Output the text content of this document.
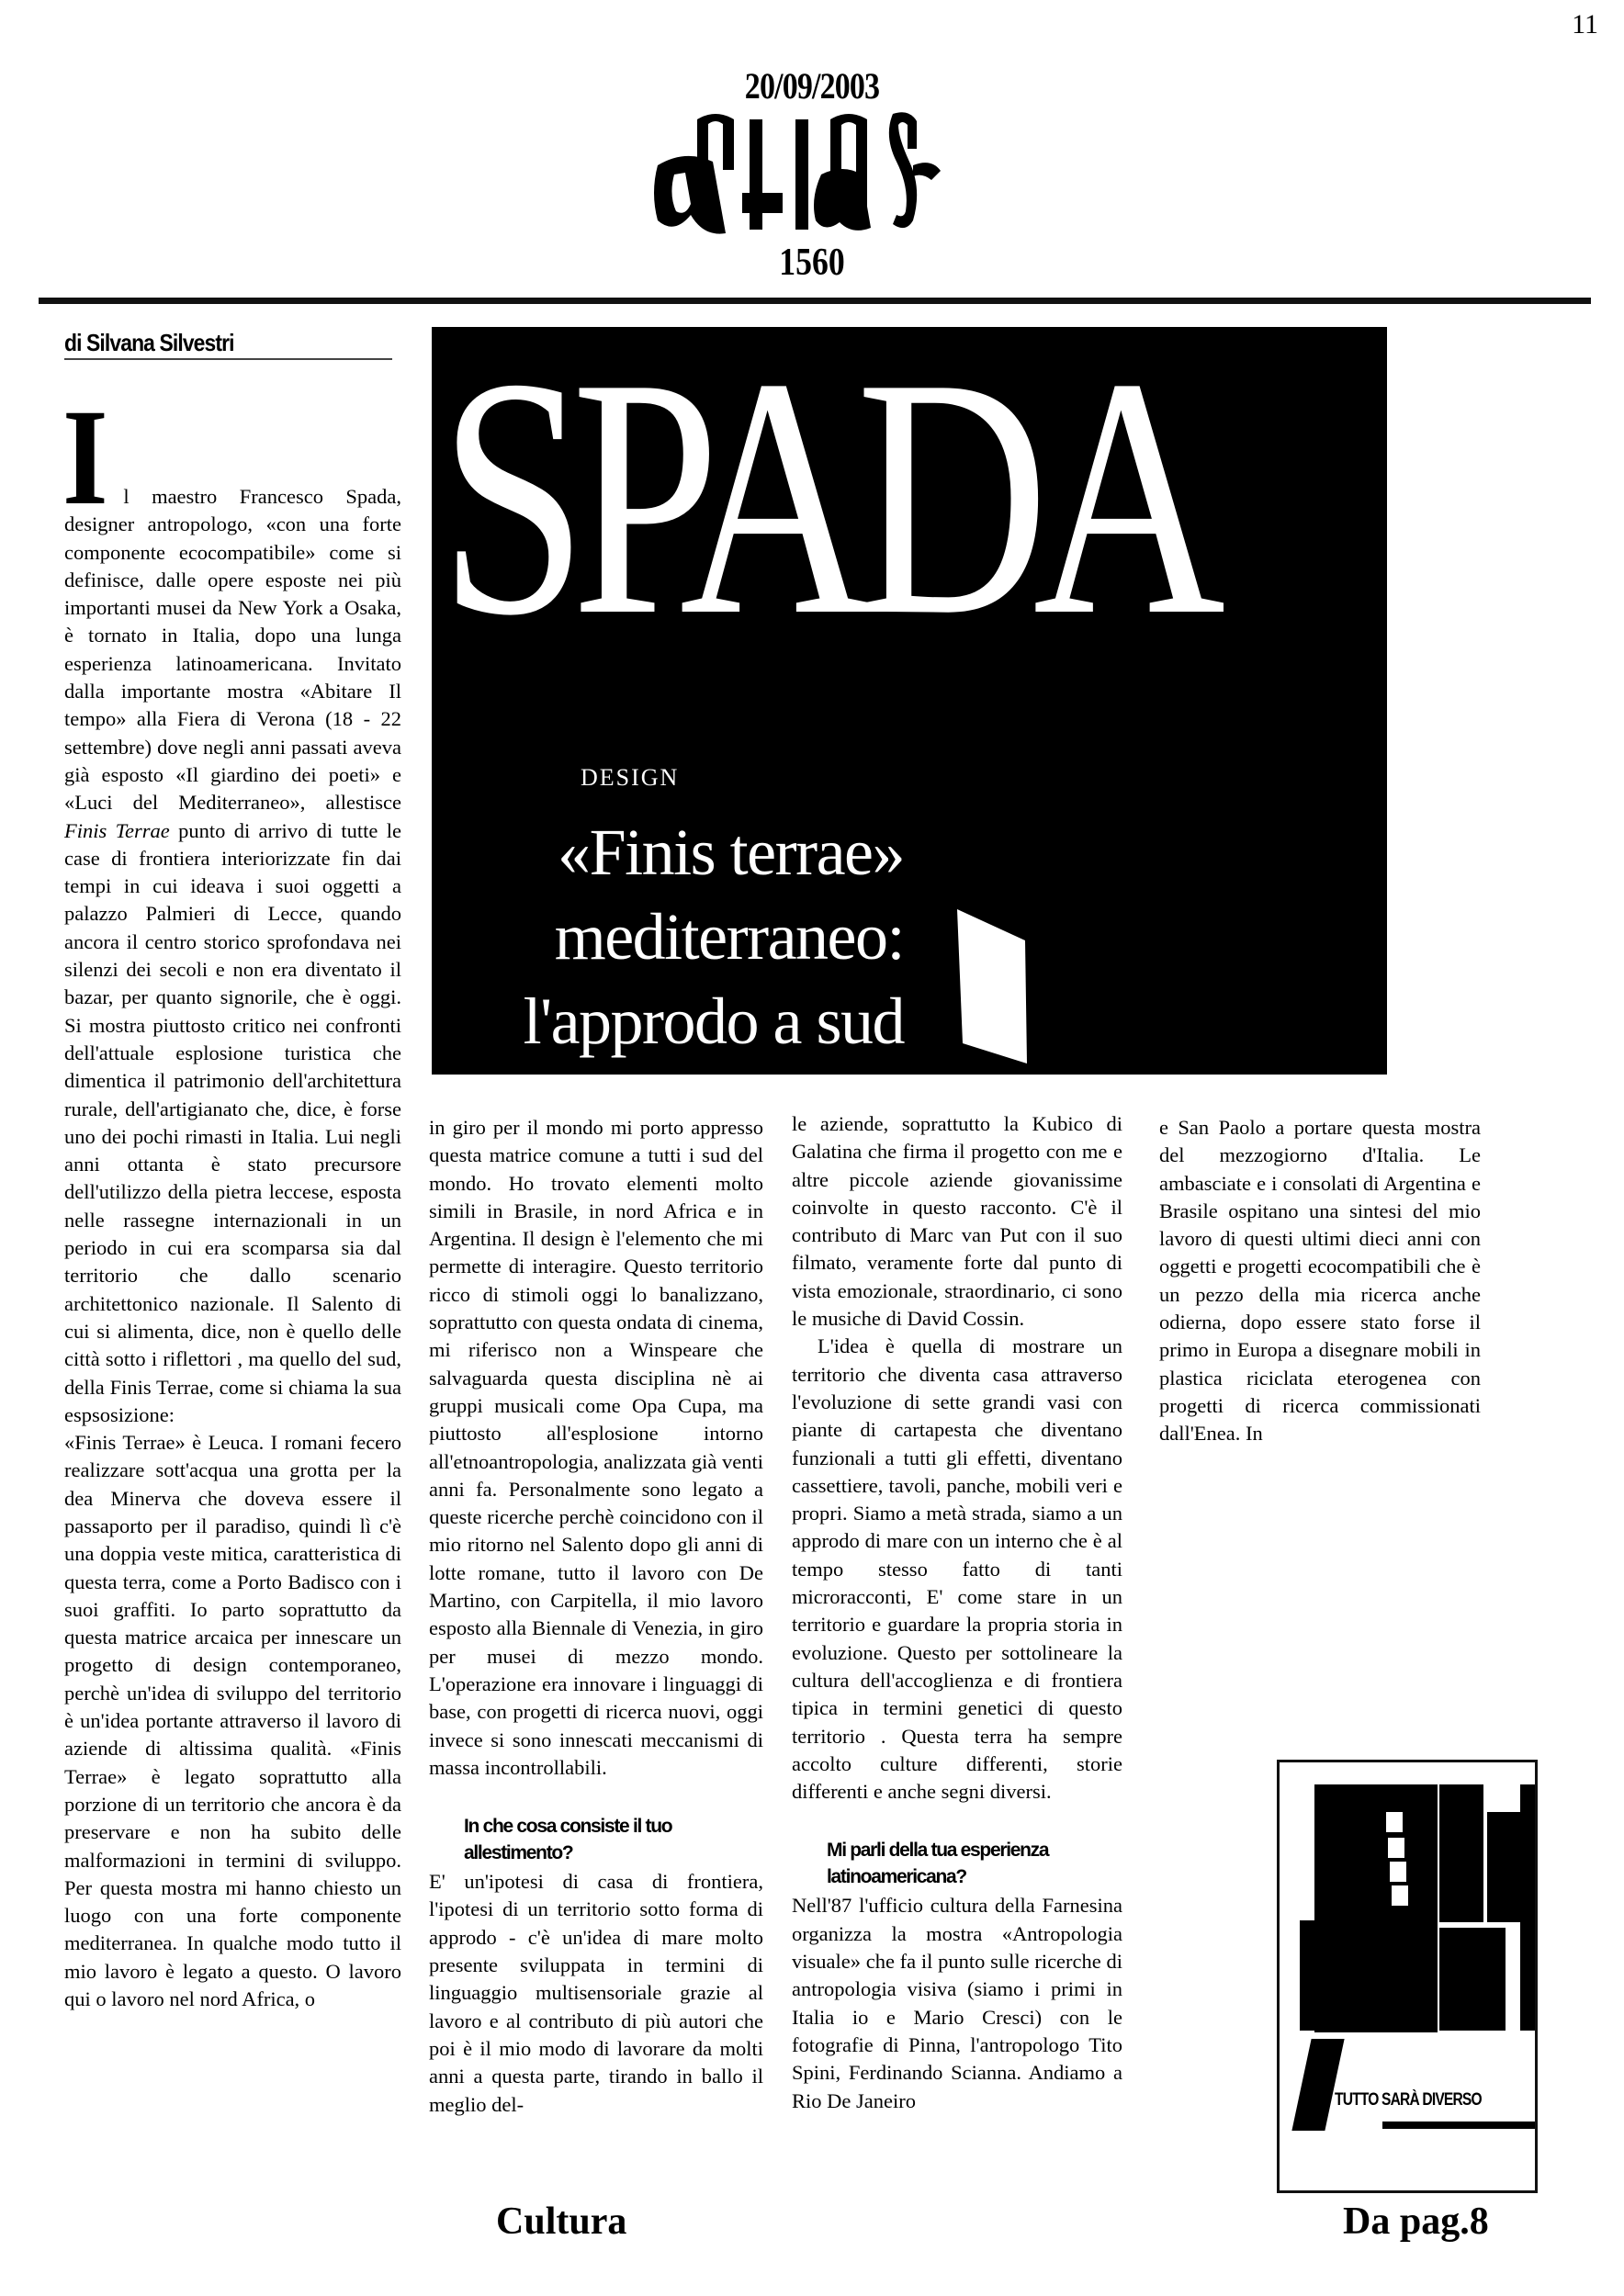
11
20/09/2003
1560
di Silvana Silvestri SPADA
DESIGN
«Finis terrae» mediterraneo: l'approdo a sud
I l maestro Francesco Spada, designer antropologo, «con una forte componente ecocompatibile» come si definisce, dalle opere esposte nei più importanti musei da New York a Osaka, è tornato in Italia, dopo una lunga esperienza latinoamericana. Invitato dalla importante mostra «Abitare Il tempo» alla Fiera di Verona (18 - 22 settembre) dove negli anni passati aveva già esposto «Il giardino dei poeti» e «Luci del Mediterraneo», allestisce Finis Terrae punto di arrivo di tutte le case di frontiera interiorizzate fin dai tempi in cui ideava i suoi oggetti a palazzo Palmieri di Lecce, quando ancora il centro storico sprofondava nei silenzi dei secoli e non era diventato il bazar, per quanto signorile, che è oggi. Si mostra piuttosto critico nei confronti dell'attuale esplosione turistica che dimentica il patrimonio dell'architettura rurale, dell'artigianato che, dice, è forse uno dei pochi rimasti in Italia. Lui negli anni ottanta è stato precursore dell'utilizzo della pietra leccese, esposta nelle rassegne internazionali in un periodo in cui era scomparsa sia dal territorio che dallo scenario architettonico nazionale. Il Salento di cui si alimenta, dice, non è quello delle città sotto i riflettori , ma quello del sud, della Finis Terrae, come si chiama la sua espsosizione:

«Finis Terrae» è Leuca. I romani fecero realizzare sott'acqua una grotta per la dea Minerva che doveva essere il passaporto per il paradiso, quindi lì c'è una doppia veste mitica, caratteristica di questa terra, come a Porto Badisco con i suoi graffiti. Io parto soprattutto da questa matrice arcaica per innescare un progetto di design contemporaneo, perchè un'idea di sviluppo del territorio è un'idea portante attraverso il lavoro di aziende di altissima qualità. «Finis Terrae» è legato soprattutto alla porzione di un territorio che ancora è da preservare e non ha subito delle malformazioni in termini di sviluppo. Per questa mostra mi hanno chiesto un luogo con una forte componente mediterranea. In qualche modo tutto il mio lavoro è legato a questo. O lavoro qui o lavoro nel nord Africa, o

in giro per il mondo mi porto appresso questa matrice comune a tutti i sud del mondo. Ho trovato elementi molto simili in Brasile, in nord Africa e in Argentina. Il design è l'elemento che mi permette di interagire. Questo territorio ricco di stimoli oggi lo banalizzano, soprattutto con questa ondata di cinema, mi riferisco non a Winspeare che salvaguarda questa disciplina nè ai gruppi musicali come Opa Cupa, ma piuttosto all'esplosione intorno all'etnoantropologia, analizzata già venti anni fa. Personalmente sono legato a queste ricerche perchè coincidono con il mio ritorno nel Salento dopo gli anni di lotte romane, tutto il lavoro con De Martino, con Carpitella, il mio lavoro esposto alla Biennale di Venezia, in giro per musei di mezzo mondo. L'operazione era innovare i linguaggi di base, con progetti di ricerca nuovi, oggi invece si sono innescati meccanismi di massa incontrollabili.

In che cosa consiste il tuo allestimento?

E' un'ipotesi di casa di frontiera, l'ipotesi di un territorio sotto forma di approdo - c'è un'idea di mare molto presente sviluppata in termini di linguaggio multisensoriale grazie al lavoro e al contributo di più autori che poi è il mio modo di lavorare da molti anni a questa parte, tirando in ballo il meglio del-

le aziende, soprattutto la Kubico di Galatina che firma il progetto con me e altre piccole aziende giovanissime coinvolte in questo racconto. C'è il contributo di Marc van Put con il suo filmato, veramente forte dal punto di vista emozionale, straordinario, ci sono le musiche di David Cossin.

L'idea è quella di mostrare un territorio che diventa casa attraverso l'evoluzione di sette grandi vasi con piante di cartapesta che diventano funzionali a tutti gli effetti, diventano cassettiere, tavoli, panche, mobili veri e propri. Siamo a metà strada, siamo a un approdo di mare con un interno che è al tempo stesso fatto di tanti microracconti, E' come stare in un territorio e guardare la propria storia in evoluzione. Questo per sottolineare la cultura dell'accoglienza e di frontiera tipica in termini genetici di questo territorio . Questa terra ha sempre accolto culture differenti, storie differenti e anche segni diversi.

Mi parli della tua esperienza latinoamericana?

Nell'87 l'ufficio cultura della Farnesina organizza la mostra «Antropologia visuale» che fa il punto sulle ricerche di antropologia visiva (siamo i primi in Italia io e Mario Cresci) con le fotografie di Pinna, l'antropologo Tito Spini, Ferdinando Scianna. Andiamo a Rio De Janeiro

e San Paolo a portare questa mostra del mezzogiorno d'Italia. Le ambasciate e i consolati di Argentina e Brasile ospitano una sintesi del mio lavoro di questi ultimi dieci anni con oggetti e progetti ecocompatibili che è un pezzo della mia ricerca anche odierna, dopo essere stato forse il primo in Europa a disegnare mobili in plastica riciclata eterogenea con progetti di ricerca commissionati dall'Enea. In

TUTTO SARÀ DIVERSO
Cultura	Da pag.8
